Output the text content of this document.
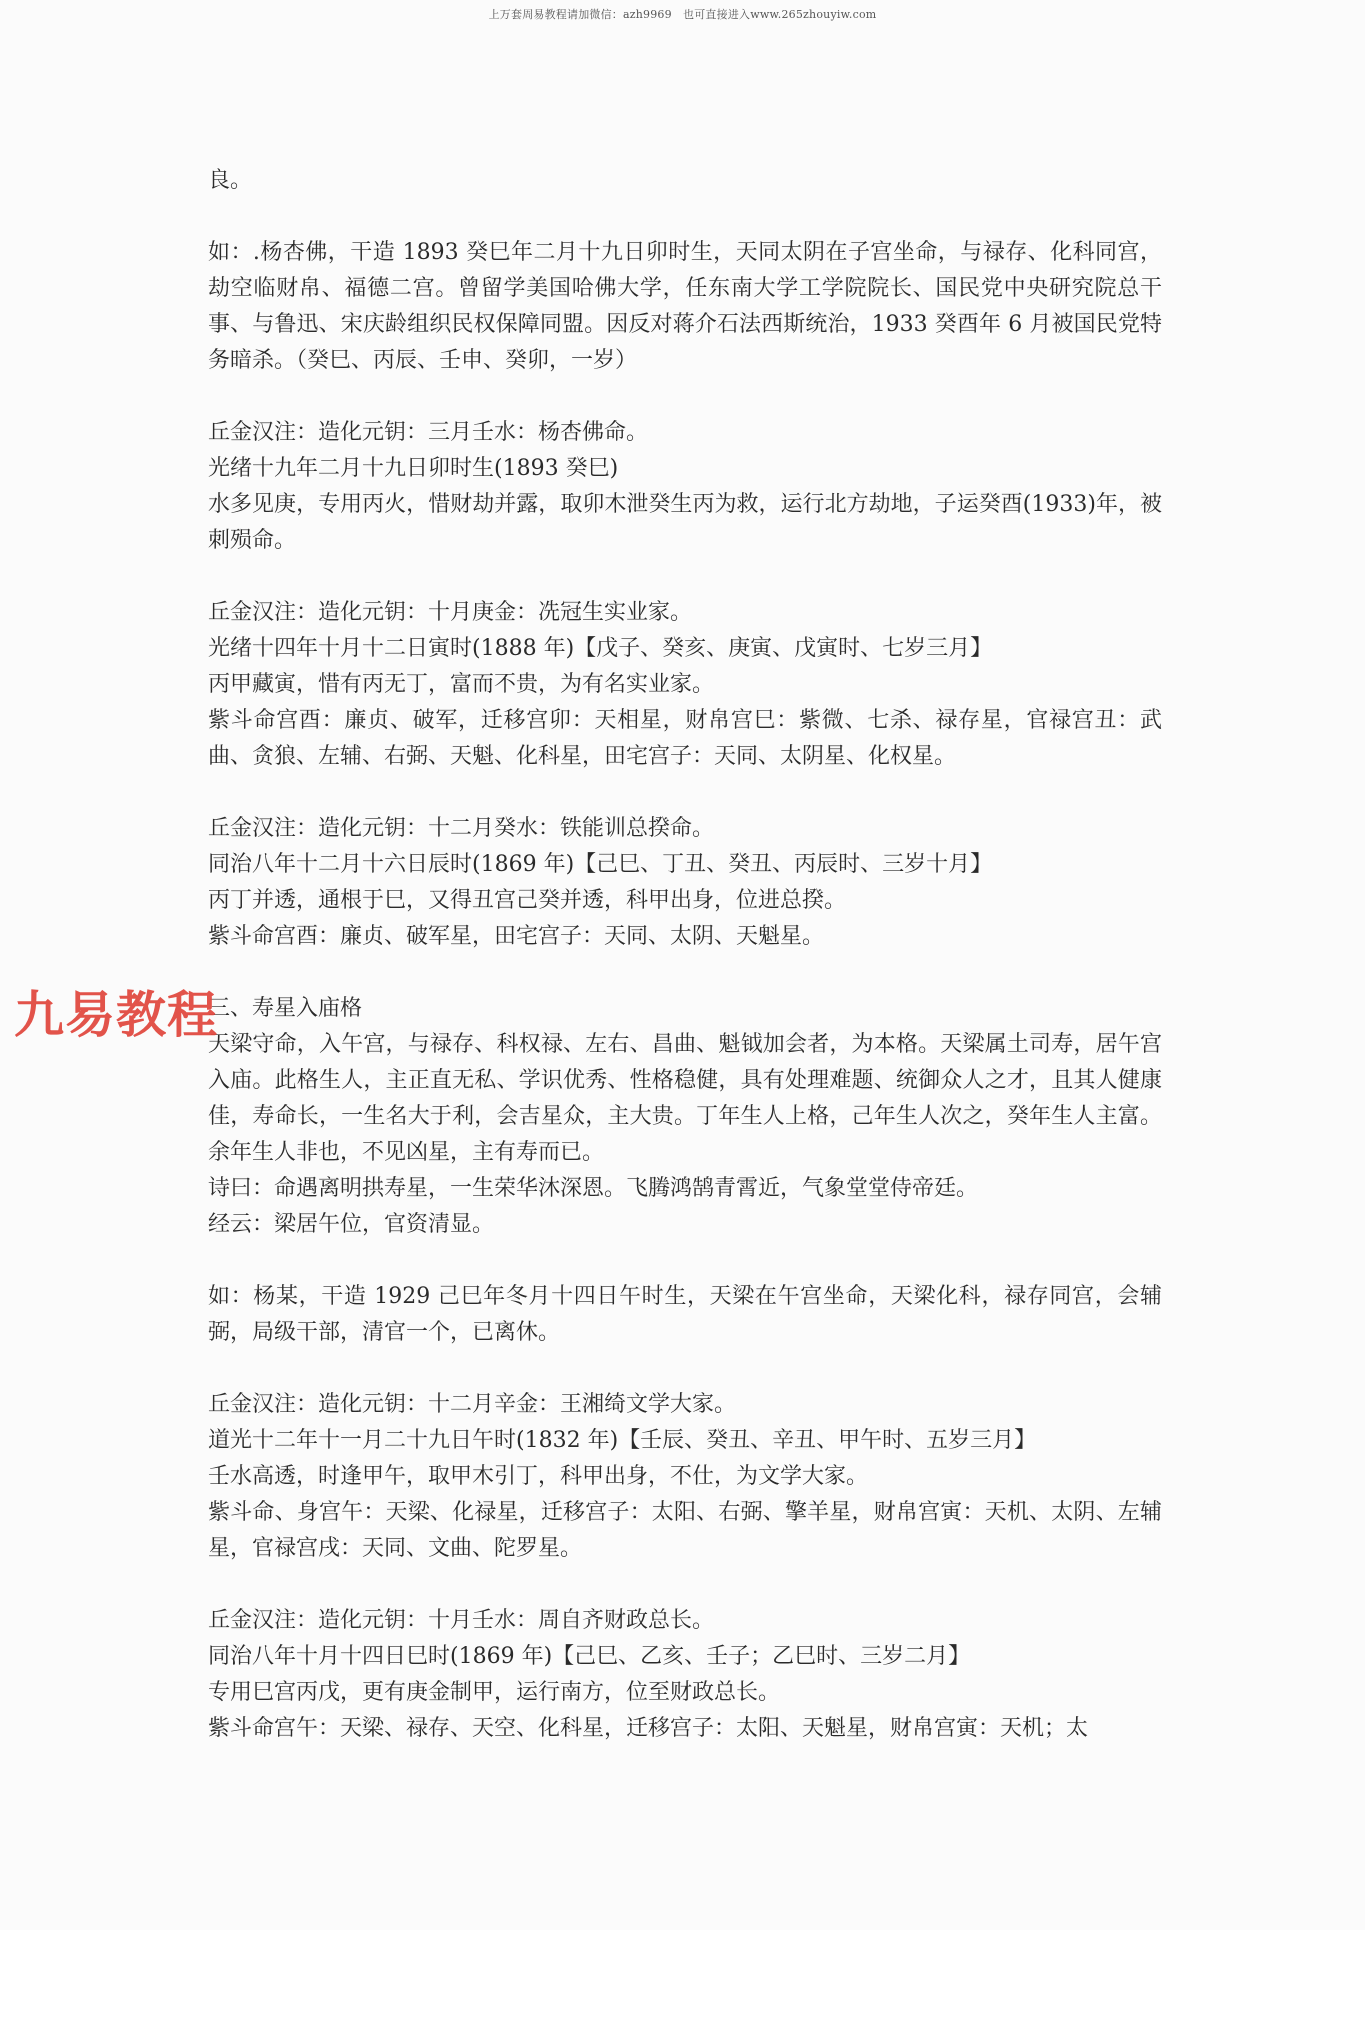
上万套周易教程请加微信：azh9969　也可直接进入www.265zhouyiw.com

良。

如：.杨杏佛，干造 1893 癸巳年二月十九日卯时生，天同太阴在子宫坐命，与禄存、化科同宫，劫空临财帛、福德二宫。曾留学美国哈佛大学，任东南大学工学院院长、国民党中央研究院总干事、与鲁迅、宋庆龄组织民权保障同盟。因反对蒋介石法西斯统治，1933 癸酉年 6 月被国民党特务暗杀。（癸巳、丙辰、壬申、癸卯，一岁）

丘金汉注：造化元钥：三月壬水：杨杏佛命。

光绪十九年二月十九日卯时生(1893 癸巳)

水多见庚，专用丙火，惜财劫并露，取卯木泄癸生丙为救，运行北方劫地，子运癸酉(1933)年，被刺殒命。

丘金汉注：造化元钥：十月庚金：冼冠生实业家。

光绪十四年十月十二日寅时(1888 年)【戊子、癸亥、庚寅、戊寅时、七岁三月】

丙甲藏寅，惜有丙无丁，富而不贵，为有名实业家。

紫斗命宫酉：廉贞、破军，迁移宫卯：天相星，财帛宫巳：紫微、七杀、禄存星，官禄宫丑：武曲、贪狼、左辅、右弼、天魁、化科星，田宅宫子：天同、太阴星、化权星。

丘金汉注：造化元钥：十二月癸水：铁能训总揆命。

同治八年十二月十六日辰时(1869 年)【己巳、丁丑、癸丑、丙辰时、三岁十月】

丙丁并透，通根于巳，又得丑宫己癸并透，科甲出身，位进总揆。

紫斗命宫酉：廉贞、破军星，田宅宫子：天同、太阴、天魁星。

三、寿星入庙格

天梁守命，入午宫，与禄存、科权禄、左右、昌曲、魁钺加会者，为本格。天梁属土司寿，居午宫入庙。此格生人，主正直无私、学识优秀、性格稳健，具有处理难题、统御众人之才，且其人健康佳，寿命长，一生名大于利，会吉星众，主大贵。丁年生人上格，己年生人次之，癸年生人主富。余年生人非也，不见凶星，主有寿而已。

诗曰：命遇离明拱寿星，一生荣华沐深恩。飞腾鸿鹄青霄近，气象堂堂侍帝廷。

经云：梁居午位，官资清显。

如：杨某，干造 1929 己巳年冬月十四日午时生，天梁在午宫坐命，天梁化科，禄存同宫，会辅弼，局级干部，清官一个，已离休。

丘金汉注：造化元钥：十二月辛金：王湘绮文学大家。

道光十二年十一月二十九日午时(1832 年)【壬辰、癸丑、辛丑、甲午时、五岁三月】

壬水高透，时逢甲午，取甲木引丁，科甲出身，不仕，为文学大家。

紫斗命、身宫午：天梁、化禄星，迁移宫子：太阳、右弼、擎羊星，财帛宫寅：天机、太阴、左辅星，官禄宫戌：天同、文曲、陀罗星。

丘金汉注：造化元钥：十月壬水：周自齐财政总长。

同治八年十月十四日巳时(1869 年)【己巳、乙亥、壬子；乙巳时、三岁二月】

专用巳宫丙戊，更有庚金制甲，运行南方，位至财政总长。

紫斗命宫午：天梁、禄存、天空、化科星，迁移宫子：太阳、天魁星，财帛宫寅：天机；太

九易教程
